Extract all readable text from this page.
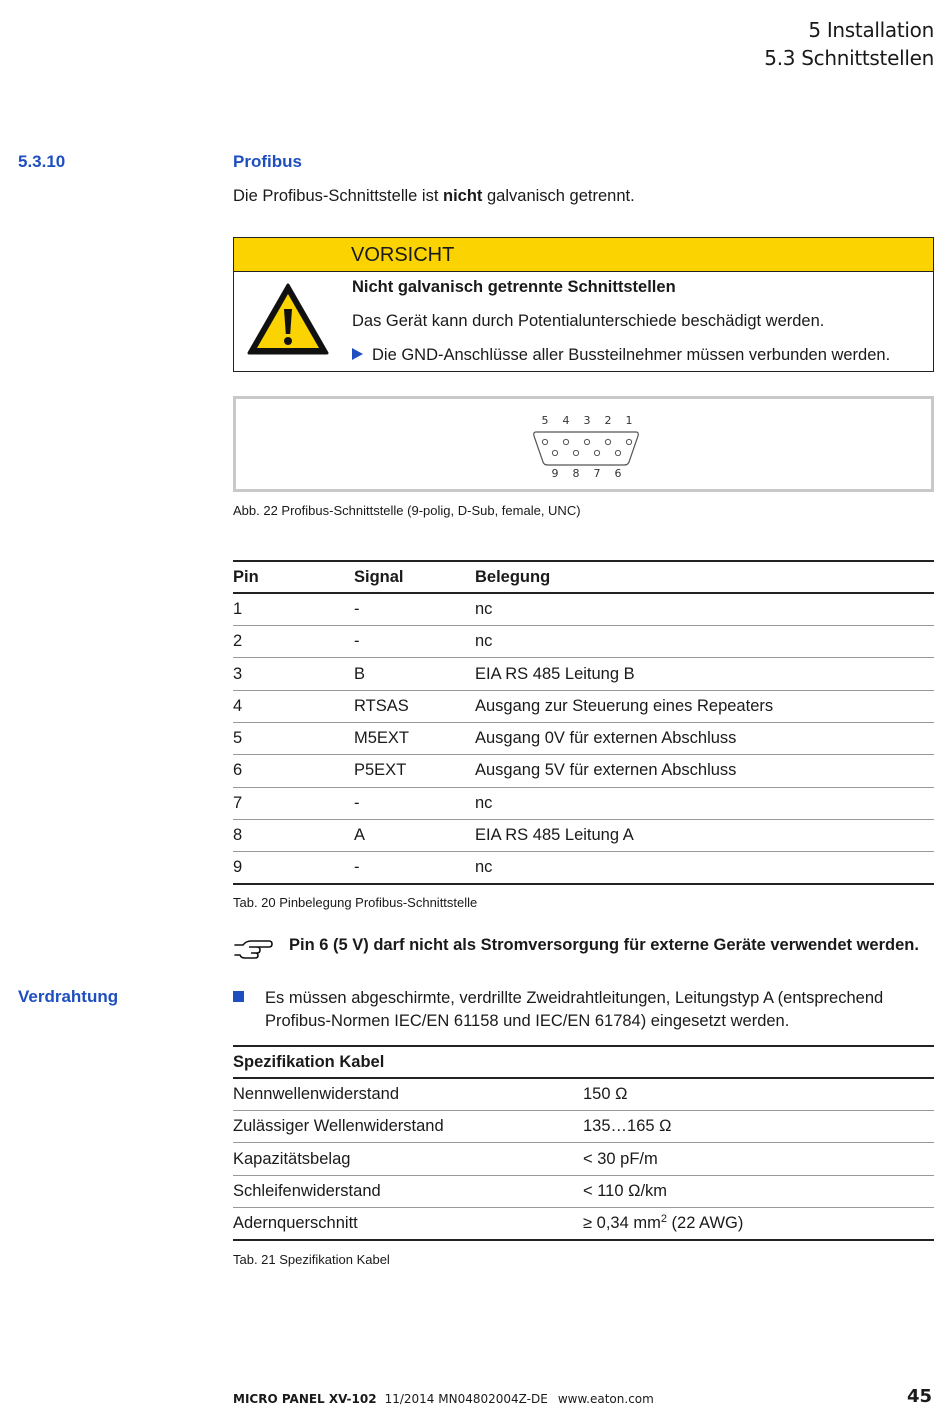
5 Installation
5.3 Schnittstellen
5.3.10	Profibus
Die Profibus-Schnittstelle ist nicht galvanisch getrennt.
VORSICHT
Nicht galvanisch getrennte Schnittstellen
Das Gerät kann durch Potentialunterschiede beschädigt werden.
Die GND-Anschlüsse aller Bussteilnehmer müssen verbunden werden.
5 4 3 2 1
9 8 7 6
Abb. 22 Profibus-Schnittstelle (9-polig, D-Sub, female, UNC)
Pin	Signal	Belegung
1	-	nc
2	-	nc
3	B	EIA RS 485 Leitung B
4	RTSAS	Ausgang zur Steuerung eines Repeaters
5	M5EXT	Ausgang 0V für externen Abschluss
6	P5EXT	Ausgang 5V für externen Abschluss
7	-	nc
8	A	EIA RS 485 Leitung A
9	-	nc
Tab. 20 Pinbelegung Profibus-Schnittstelle
Pin 6 (5 V) darf nicht als Stromversorgung für externe Geräte verwendet werden.
Verdrahtung	Es müssen abgeschirmte, verdrillte Zweidrahtleitungen, Leitungstyp A (entsprechend Profibus-Normen IEC/EN 61158 und IEC/EN 61784) eingesetzt werden.
Spezifikation Kabel	
Nennwellenwiderstand	150 Ω
Zulässiger Wellenwiderstand	135…165 Ω
Kapazitätsbelag	< 30 pF/m
Schleifenwiderstand	< 110 Ω/km
Adernquerschnitt	≥ 0,34 $mm^2$ (22 AWG)
Tab. 21 Spezifikation Kabel
MICRO PANEL XV-102 11/2014 MN04802004Z-DE www.eaton.com	45
